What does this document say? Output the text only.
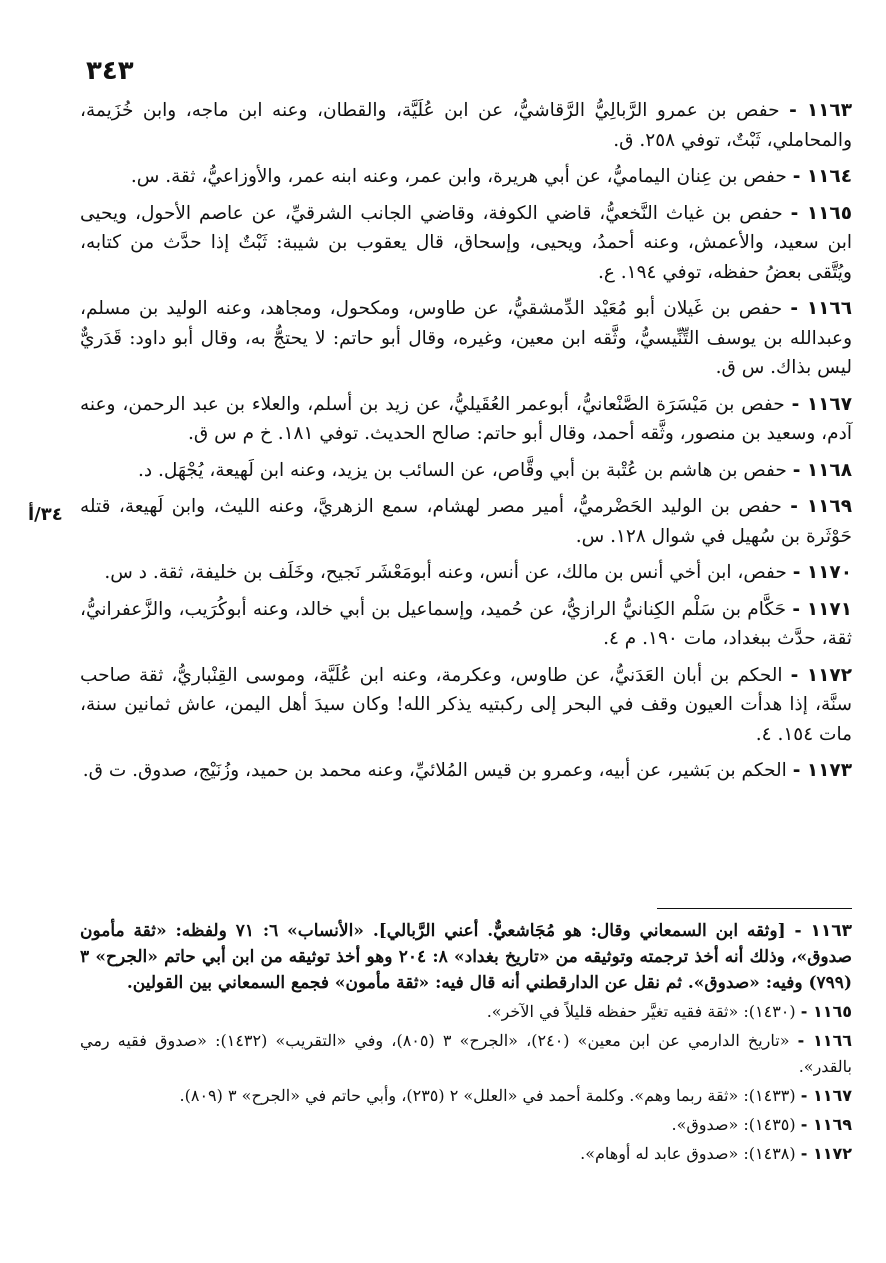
٣٤٣
٣٤/أ
١١٦٣ - حفص بن عمرو الرَّبالِيُّ الرَّقاشيُّ، عن ابن عُلَيَّة، والقطان، وعنه ابن ماجه، وابن خُزَيمة، والمحاملي، ثَبْتٌ، توفي ٢٥٨. ق.
١١٦٤ - حفص بن عِنان اليماميُّ، عن أبي هريرة، وابن عمر، وعنه ابنه عمر، والأوزاعيُّ، ثقة. س.
١١٦٥ - حفص بن غياث النَّخعيُّ، قاضي الكوفة، وقاضي الجانب الشرقيِّ، عن عاصم الأحول، ويحيى ابن سعيد، والأعمش، وعنه أحمدُ، ويحيى، وإسحاق، قال يعقوب بن شيبة: ثَبْتٌ إذا حدَّث من كتابه، ويُتَّقى بعضُ حفظه، توفي ١٩٤. ع.
١١٦٦ - حفص بن غَيلان أبو مُعَيْد الدِّمشقيُّ، عن طاوس، ومكحول، ومجاهد، وعنه الوليد بن مسلم، وعبدالله بن يوسف التِّنِّيسيُّ، وثَّقه ابن معين، وغيره، وقال أبو حاتم: لا يحتجُّ به، وقال أبو داود: قَدَريٌّ ليس بذاك. س ق.
١١٦٧ - حفص بن مَيْسَرَة الصَّنْعانيُّ، أبوعمر العُقَيليُّ، عن زيد بن أسلم، والعلاء بن عبد الرحمن، وعنه آدم، وسعيد بن منصور، وثَّقه أحمد، وقال أبو حاتم: صالح الحديث. توفي ١٨١. خ م س ق.
١١٦٨ - حفص بن هاشم بن عُتْبة بن أبي وقَّاص، عن السائب بن يزيد، وعنه ابن لَهيعة، يُجْهَل. د.
١١٦٩ - حفص بن الوليد الحَضْرميُّ، أمير مصر لهشام، سمع الزهريَّ، وعنه الليث، وابن لَهيعة، قتله حَوْثَرة بن سُهيل في شوال ١٢٨. س.
١١٧٠ - حفص، ابن أخي أنس بن مالك، عن أنس، وعنه أبومَعْشَر نَجيح، وخَلَف بن خليفة، ثقة. د س.
١١٧١ - حَكَّام بن سَلْم الكِنانيُّ الرازيُّ، عن حُميد، وإسماعيل بن أبي خالد، وعنه أبوكُرَيب، والزَّعفرانيُّ، ثقة، حدَّث ببغداد، مات ١٩٠. م ٤.
١١٧٢ - الحكم بن أبان العَدَنيُّ، عن طاوس، وعكرمة، وعنه ابن عُلَيَّة، وموسى القِنْباريُّ، ثقة صاحب سنَّة، إذا هدأت العيون وقف في البحر إلى ركبتيه يذكر الله! وكان سيدَ أهل اليمن، عاش ثمانين سنة، مات ١٥٤. ٤.
١١٧٣ - الحكم بن بَشير، عن أبيه، وعمرو بن قيس المُلائيِّ، وعنه محمد بن حميد، وزُنَيْج، صدوق. ت ق.
١١٦٣ - [وثقه ابن السمعاني وقال: هو مُجَاشعيٌّ. أعني الرَّبالي]. «الأنساب» ٦: ٧١ ولفظه: «ثقة مأمون صدوق»، وذلك أنه أخذ ترجمته وتوثيقه من «تاريخ بغداد» ٨: ٢٠٤ وهو أخذ توثيقه من ابن أبي حاتم «الجرح» ٣ (٧٩٩) وفيه: «صدوق». ثم نقل عن الدارقطني أنه قال فيه: «ثقة مأمون» فجمع السمعاني بين القولين.
١١٦٥ - (١٤٣٠): «ثقة فقيه تغيَّر حفظه قليلاً في الآخر».
١١٦٦ - «تاريخ الدارمي عن ابن معين» (٢٤٠)، «الجرح» ٣ (٨٠٥)، وفي «التقريب» (١٤٣٢): «صدوق فقيه رمي بالقدر».
١١٦٧ - (١٤٣٣): «ثقة ربما وهم». وكلمة أحمد في «العلل» ٢ (٢٣٥)، وأبي حاتم في «الجرح» ٣ (٨٠٩).
١١٦٩ - (١٤٣٥): «صدوق».
١١٧٢ - (١٤٣٨): «صدوق عابد له أوهام».
